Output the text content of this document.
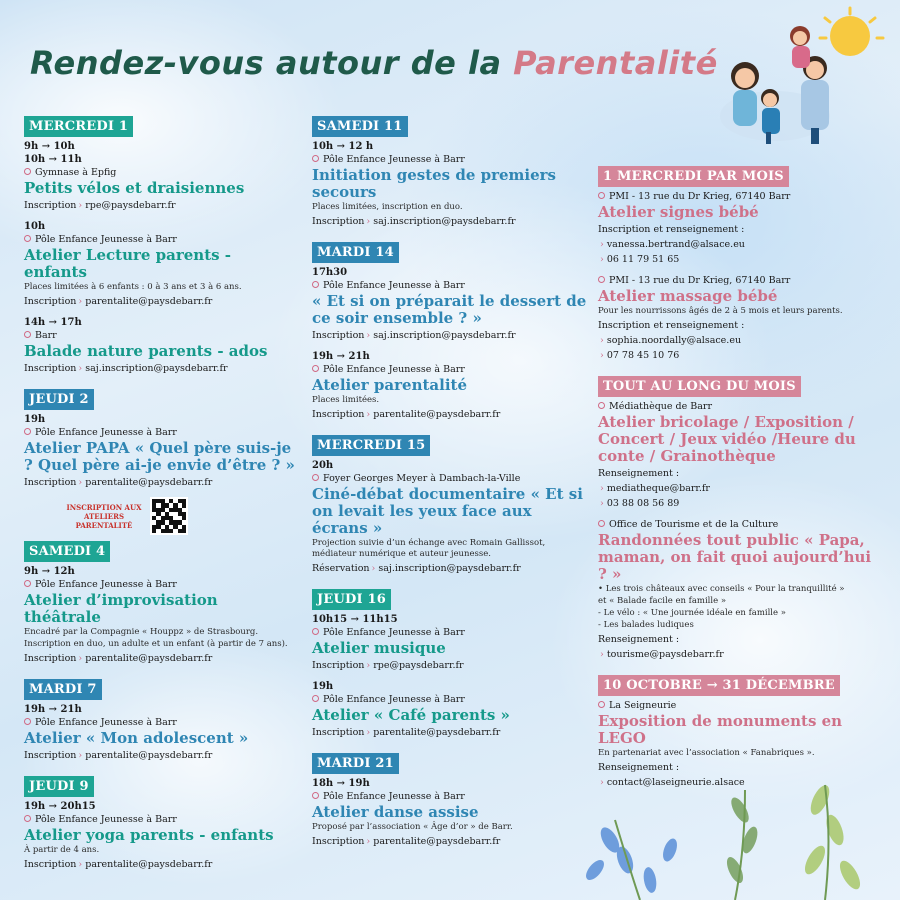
Rendez-vous autour de la Parentalité
MERCREDI 1
9h → 10h
10h → 11h
Gymnase à Epfig
Petits vélos et draisiennes
Inscription › rpe@paysdebarr.fr
10h
Pôle Enfance Jeunesse à Barr
Atelier Lecture parents - enfants
Places limitées à 6 enfants : 0 à 3 ans et 3 à 6 ans.
Inscription › parentalite@paysdebarr.fr
14h → 17h
Barr
Balade nature parents - ados
Inscription › saj.inscription@paysdebarr.fr
JEUDI 2
19h
Pôle Enfance Jeunesse à Barr
Atelier PAPA « Quel père suis-je ? Quel père ai-je envie d’être ? »
Inscription › parentalite@paysdebarr.fr
INSCRIPTION AUX ATELIERS PARENTALITÉ
SAMEDI 4
9h → 12h
Pôle Enfance Jeunesse à Barr
Atelier d’improvisation théâtrale
Encadré par la Compagnie « Houppz » de Strasbourg.
Inscription en duo, un adulte et un enfant (à partir de 7 ans).
Inscription › parentalite@paysdebarr.fr
MARDI 7
19h → 21h
Pôle Enfance Jeunesse à Barr
Atelier « Mon adolescent »
Inscription › parentalite@paysdebarr.fr
JEUDI 9
19h → 20h15
Pôle Enfance Jeunesse à Barr
Atelier yoga parents - enfants
À partir de 4 ans.
Inscription › parentalite@paysdebarr.fr
SAMEDI 11
10h → 12 h
Pôle Enfance Jeunesse à Barr
Initiation gestes de premiers secours
Places limitées, inscription en duo.
Inscription › saj.inscription@paysdebarr.fr
MARDI 14
17h30
Pôle Enfance Jeunesse à Barr
« Et si on préparait le dessert de ce soir ensemble ? »
Inscription › saj.inscription@paysdebarr.fr
19h → 21h
Pôle Enfance Jeunesse à Barr
Atelier parentalité
Places limitées.
Inscription › parentalite@paysdebarr.fr
MERCREDI 15
20h
Foyer Georges Meyer à Dambach-la-Ville
Ciné-débat documentaire « Et si on levait les yeux face aux écrans »
Projection suivie d’un échange avec Romain Gallissot, médiateur numérique et auteur jeunesse.
Réservation › saj.inscription@paysdebarr.fr
JEUDI 16
10h15 → 11h15
Pôle Enfance Jeunesse à Barr
Atelier musique
Inscription › rpe@paysdebarr.fr
19h
Pôle Enfance Jeunesse à Barr
Atelier « Café parents »
Inscription › parentalite@paysdebarr.fr
MARDI 21
18h → 19h
Pôle Enfance Jeunesse à Barr
Atelier danse assise
Proposé par l’association « Âge d’or » de Barr.
Inscription › parentalite@paysdebarr.fr
1 MERCREDI PAR MOIS
PMI - 13 rue du Dr Krieg, 67140 Barr
Atelier signes bébé
Inscription et renseignement :
› vanessa.bertrand@alsace.eu
› 06 11 79 51 65
PMI - 13 rue du Dr Krieg, 67140 Barr
Atelier massage bébé
Pour les nourrissons âgés de 2 à 5 mois et leurs parents.
Inscription et renseignement :
› sophia.noordally@alsace.eu
› 07 78 45 10 76
TOUT AU LONG DU MOIS
Médiathèque de Barr
Atelier bricolage / Exposition / Concert / Jeux vidéo /Heure du conte / Grainothèque
Renseignement :
› mediatheque@barr.fr
› 03 88 08 56 89
Office de Tourisme et de la Culture
Randonnées tout public « Papa, maman, on fait quoi aujourd’hui ? »
• Les trois châteaux avec conseils « Pour la tranquillité »
et « Balade facile en famille »
- Le vélo : « Une journée idéale en famille »
- Les balades ludiques
Renseignement :
› tourisme@paysdebarr.fr
10 OCTOBRE → 31 DÉCEMBRE
La Seigneurie
Exposition de monuments en LEGO
En partenariat avec l’association « Fanabriques ».
Renseignement :
› contact@laseigneurie.alsace
